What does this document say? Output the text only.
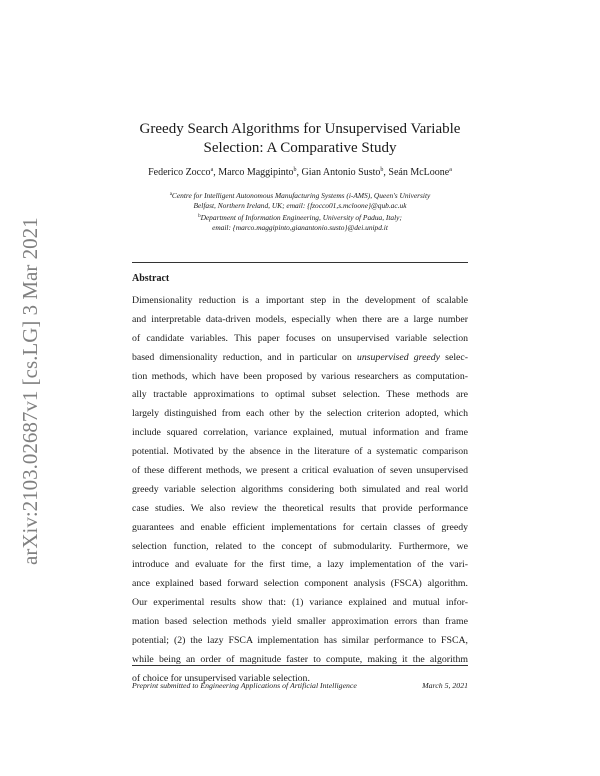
arXiv:2103.02687v1 [cs.LG] 3 Mar 2021
Greedy Search Algorithms for Unsupervised Variable
Selection: A Comparative Study
Federico Zocco$^a$, Marco Maggipinto$^b$, Gian Antonio Susto$^b$, Seán McLoone$^a$
$^a$Centre for Intelligent Autonomous Manufacturing Systems (i-AMS), Queen's University
Belfast, Northern Ireland, UK; email: {fzocco01,s.mcloone}@qub.ac.uk
$^b$Department of Information Engineering, University of Padua, Italy;
email: {marco.maggipinto,gianantonio.susto}@dei.unipd.it
Abstract
Dimensionality reduction is a important step in the development of scalable
and interpretable data-driven models, especially when there are a large number
of candidate variables. This paper focuses on unsupervised variable selection
based dimensionality reduction, and in particular on unsupervised greedy selec-
tion methods, which have been proposed by various researchers as computation-
ally tractable approximations to optimal subset selection. These methods are
largely distinguished from each other by the selection criterion adopted, which
include squared correlation, variance explained, mutual information and frame
potential. Motivated by the absence in the literature of a systematic comparison
of these different methods, we present a critical evaluation of seven unsupervised
greedy variable selection algorithms considering both simulated and real world
case studies. We also review the theoretical results that provide performance
guarantees and enable efficient implementations for certain classes of greedy
selection function, related to the concept of submodularity. Furthermore, we
introduce and evaluate for the first time, a lazy implementation of the vari-
ance explained based forward selection component analysis (FSCA) algorithm.
Our experimental results show that: (1) variance explained and mutual infor-
mation based selection methods yield smaller approximation errors than frame
potential; (2) the lazy FSCA implementation has similar performance to FSCA,
while being an order of magnitude faster to compute, making it the algorithm
of choice for unsupervised variable selection.
Preprint submitted to Engineering Applications of Artificial Intelligence	March 5, 2021
